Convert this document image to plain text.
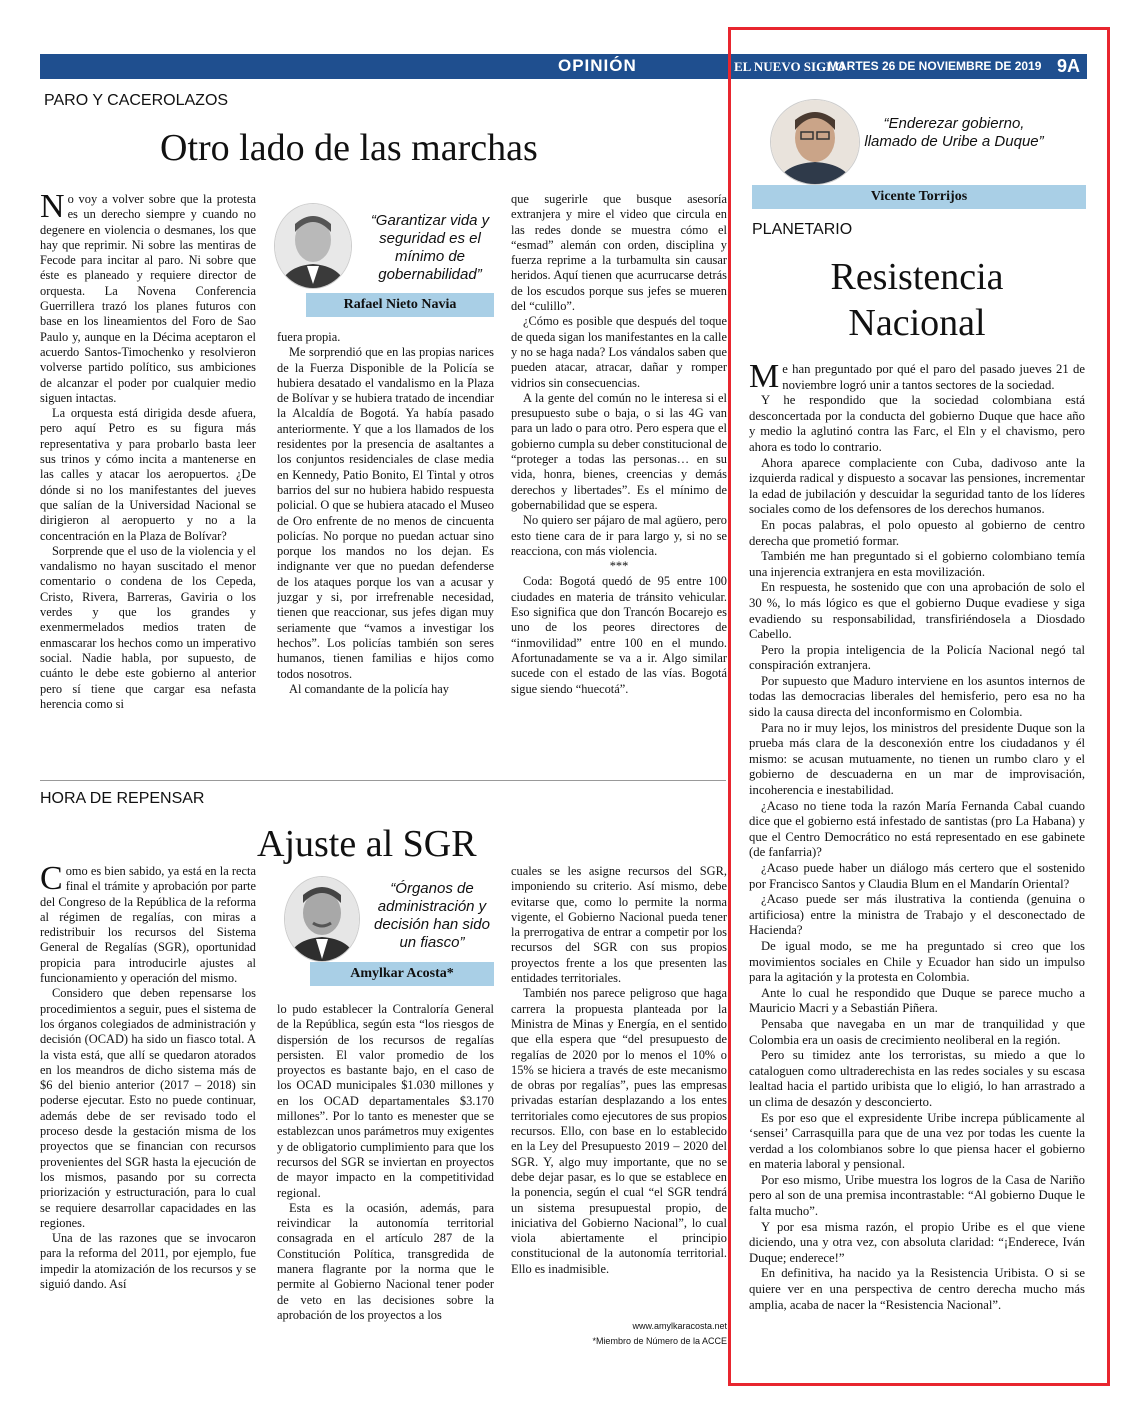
OPINIÓN	EL NUEVO SIGLO
MARTES 26 DE NOVIEMBRE DE 2019 9A
PARO Y CACEROLAZOS
Otro lado de las marchas

No voy a volver sobre que la protesta es un derecho siempre y cuando no degenere en violencia o desmanes, los que hay que reprimir. Ni sobre las mentiras de Fecode para incitar al paro. Ni sobre que éste es planeado y requiere director de orquesta. La Novena Conferencia Guerrillera trazó los planes futuros con base en los lineamientos del Foro de Sao Paulo y, aunque en la Décima aceptaron el acuerdo Santos-Timochenko y resolvieron volverse partido político, sus ambiciones de alcanzar el poder por cualquier medio siguen intactas.

La orquesta está dirigida desde afuera, pero aquí Petro es su figura más representativa y para probarlo basta leer sus trinos y cómo incita a mantenerse en las calles y atacar los aeropuertos. ¿De dónde si no los manifestantes del jueves que salían de la Universidad Nacional se dirigieron al aeropuerto y no a la concentración en la Plaza de Bolívar?

Sorprende que el uso de la violencia y el vandalismo no hayan suscitado el menor comentario o condena de los Cepeda, Cristo, Rivera, Barreras, Gaviria o los verdes y que los grandes y exenmermelados medios traten de enmascarar los hechos como un imperativo social. Nadie habla, por supuesto, de cuánto le debe este gobierno al anterior pero sí tiene que cargar esa nefasta herencia como si

“Garantizar vida y seguridad es el mínimo de gobernabilidad”
Rafael Nieto Navia

fuera propia.

Me sorprendió que en las propias narices de la Fuerza Disponible de la Policía se hubiera desatado el vandalismo en la Plaza de Bolívar y se hubiera tratado de incendiar la Alcaldía de Bogotá. Ya había pasado anteriormente. Y que a los llamados de los residentes por la presencia de asaltantes a los conjuntos residenciales de clase media en Kennedy, Patio Bonito, El Tintal y otros barrios del sur no hubiera habido respuesta policial. O que se hubiera atacado el Museo de Oro enfrente de no menos de cincuenta policías. No porque no puedan actuar sino porque los mandos no los dejan. Es indignante ver que no puedan defenderse de los ataques porque los van a acusar y juzgar y si, por irrefrenable necesidad, tienen que reaccionar, sus jefes digan muy seriamente que “vamos a investigar los hechos”. Los policías también son seres humanos, tienen familias e hijos como todos nosotros.

Al comandante de la policía hay

que sugerirle que busque asesoría extranjera y mire el video que circula en las redes donde se muestra cómo el “esmad” alemán con orden, disciplina y fuerza reprime a la turbamulta sin causar heridos. Aquí tienen que acurrucarse detrás de los escudos porque sus jefes se mueren del “culillo”.

¿Cómo es posible que después del toque de queda sigan los manifestantes en la calle y no se haga nada? Los vándalos saben que pueden atacar, atracar, dañar y romper vidrios sin consecuencias.

A la gente del común no le interesa si el presupuesto sube o baja, o si las 4G van para un lado o para otro. Pero espera que el gobierno cumpla su deber constitucional de “proteger a todas las personas… en su vida, honra, bienes, creencias y demás derechos y libertades”. Es el mínimo de gobernabilidad que se espera.

No quiero ser pájaro de mal agüero, pero esto tiene cara de ir para largo y, si no se reacciona, con más violencia.

***

Coda: Bogotá quedó de 95 entre 100 ciudades en materia de tránsito vehicular. Eso significa que don Trancón Bocarejo es uno de los peores directores de “inmovilidad” entre 100 en el mundo. Afortunadamente se va a ir. Algo similar sucede con el estado de las vías. Bogotá sigue siendo “huecotá”.

HORA DE REPENSAR
Ajuste al SGR

Como es bien sabido, ya está en la recta final el trámite y aprobación por parte del Congreso de la República de la reforma al régimen de regalías, con miras a redistribuir los recursos del Sistema General de Regalías (SGR), oportunidad propicia para introducirle ajustes al funcionamiento y operación del mismo.

Considero que deben repensarse los procedimientos a seguir, pues el sistema de los órganos colegiados de administración y decisión (OCAD) ha sido un fiasco total. A la vista está, que allí se quedaron atorados en los meandros de dicho sistema más de $6 del bienio anterior (2017 – 2018) sin poderse ejecutar. Esto no puede continuar, además debe de ser revisado todo el proceso desde la gestación misma de los proyectos que se financian con recursos provenientes del SGR hasta la ejecución de los mismos, pasando por su correcta priorización y estructuración, para lo cual se requiere desarrollar capacidades en las regiones.

Una de las razones que se invocaron para la reforma del 2011, por ejemplo, fue impedir la atomización de los recursos y se siguió dando. Así

“Órganos de administración y decisión han sido un fiasco”
Amylkar Acosta*

lo pudo establecer la Contraloría General de la República, según esta “los riesgos de dispersión de los recursos de regalías persisten. El valor promedio de los proyectos es bastante bajo, en el caso de los OCAD municipales $1.030 millones y en los OCAD departamentales $3.170 millones”. Por lo tanto es menester que se establezcan unos parámetros muy exigentes y de obligatorio cumplimiento para que los recursos del SGR se inviertan en proyectos de mayor impacto en la competitividad regional.

Esta es la ocasión, además, para reivindicar la autonomía territorial consagrada en el artículo 287 de la Constitución Política, transgredida de manera flagrante por la norma que le permite al Gobierno Nacional tener poder de veto en las decisiones sobre la aprobación de los proyectos a los

cuales se les asigne recursos del SGR, imponiendo su criterio. Así mismo, debe evitarse que, como lo permite la norma vigente, el Gobierno Nacional pueda tener la prerrogativa de entrar a competir por los recursos del SGR con sus propios proyectos frente a los que presenten las entidades territoriales.

También nos parece peligroso que haga carrera la propuesta planteada por la Ministra de Minas y Energía, en el sentido que ella espera que “del presupuesto de regalías de 2020 por lo menos el 10% o 15% se hiciera a través de este mecanismo de obras por regalías”, pues las empresas privadas estarían desplazando a los entes territoriales como ejecutores de sus propios recursos. Ello, con base en lo establecido en la Ley del Presupuesto 2019 – 2020 del SGR. Y, algo muy importante, que no se debe dejar pasar, es lo que se establece en la ponencia, según el cual “el SGR tendrá un sistema presupuestal propio, de iniciativa del Gobierno Nacional”, lo cual viola abiertamente el principio constitucional de la autonomía territorial. Ello es inadmisible.

www.amylkaracosta.net
*Miembro de Número de la ACCE
“Enderezar gobierno, llamado de Uribe a Duque”
Vicente Torrijos
PLANETARIO
Resistencia
Nacional

Me han preguntado por qué el paro del pasado jueves 21 de noviembre logró unir a tantos sectores de la sociedad.

Y he respondido que la sociedad colombiana está desconcertada por la conducta del gobierno Duque que hace año y medio la aglutinó contra las Farc, el Eln y el chavismo, pero ahora es todo lo contrario.

Ahora aparece complaciente con Cuba, dadivoso ante la izquierda radical y dispuesto a socavar las pensiones, incrementar la edad de jubilación y descuidar la seguridad tanto de los líderes sociales como de los defensores de los derechos humanos.

En pocas palabras, el polo opuesto al gobierno de centro derecha que prometió formar.

También me han preguntado si el gobierno colombiano temía una injerencia extranjera en esta movilización.

En respuesta, he sostenido que con una aprobación de solo el 30 %, lo más lógico es que el gobierno Duque evadiese y siga evadiendo su responsabilidad, transfiriéndosela a Diosdado Cabello.

Pero la propia inteligencia de la Policía Nacional negó tal conspiración extranjera.

Por supuesto que Maduro interviene en los asuntos internos de todas las democracias liberales del hemisferio, pero esa no ha sido la causa directa del inconformismo en Colombia.

Para no ir muy lejos, los ministros del presidente Duque son la prueba más clara de la desconexión entre los ciudadanos y él mismo: se acusan mutuamente, no tienen un rumbo claro y el gobierno de descuaderna en un mar de improvisación, incoherencia e inestabilidad.

¿Acaso no tiene toda la razón María Fernanda Cabal cuando dice que el gobierno está infestado de santistas (pro La Habana) y que el Centro Democrático no está representado en ese gabinete (de fanfarria)?

¿Acaso puede haber un diálogo más certero que el sostenido por Francisco Santos y Claudia Blum en el Mandarín Oriental?

¿Acaso puede ser más ilustrativa la contienda (genuina o artificiosa) entre la ministra de Trabajo y el desconectado de Hacienda?

De igual modo, se me ha preguntado si creo que los movimientos sociales en Chile y Ecuador han sido un impulso para la agitación y la protesta en Colombia.

Ante lo cual he respondido que Duque se parece mucho a Mauricio Macri y a Sebastián Piñera.

Pensaba que navegaba en un mar de tranquilidad y que Colombia era un oasis de crecimiento neoliberal en la región.

Pero su timidez ante los terroristas, su miedo a que lo cataloguen como ultraderechista en las redes sociales y su escasa lealtad hacia el partido uribista que lo eligió, lo han arrastrado a un clima de desazón y desconcierto.

Es por eso que el expresidente Uribe increpa públicamente al ‘sensei’ Carrasquilla para que de una vez por todas les cuente la verdad a los colombianos sobre lo que piensa hacer el gobierno en materia laboral y pensional.

Por eso mismo, Uribe muestra los logros de la Casa de Nariño pero al son de una premisa incontrastable: “Al gobierno Duque le falta mucho”.

Y por esa misma razón, el propio Uribe es el que viene diciendo, una y otra vez, con absoluta claridad: “¡Enderece, Iván Duque; enderece!”

En definitiva, ha nacido ya la Resistencia Uribista. O si se quiere ver en una perspectiva de centro derecha mucho más amplia, acaba de nacer la “Resistencia Nacional”.
